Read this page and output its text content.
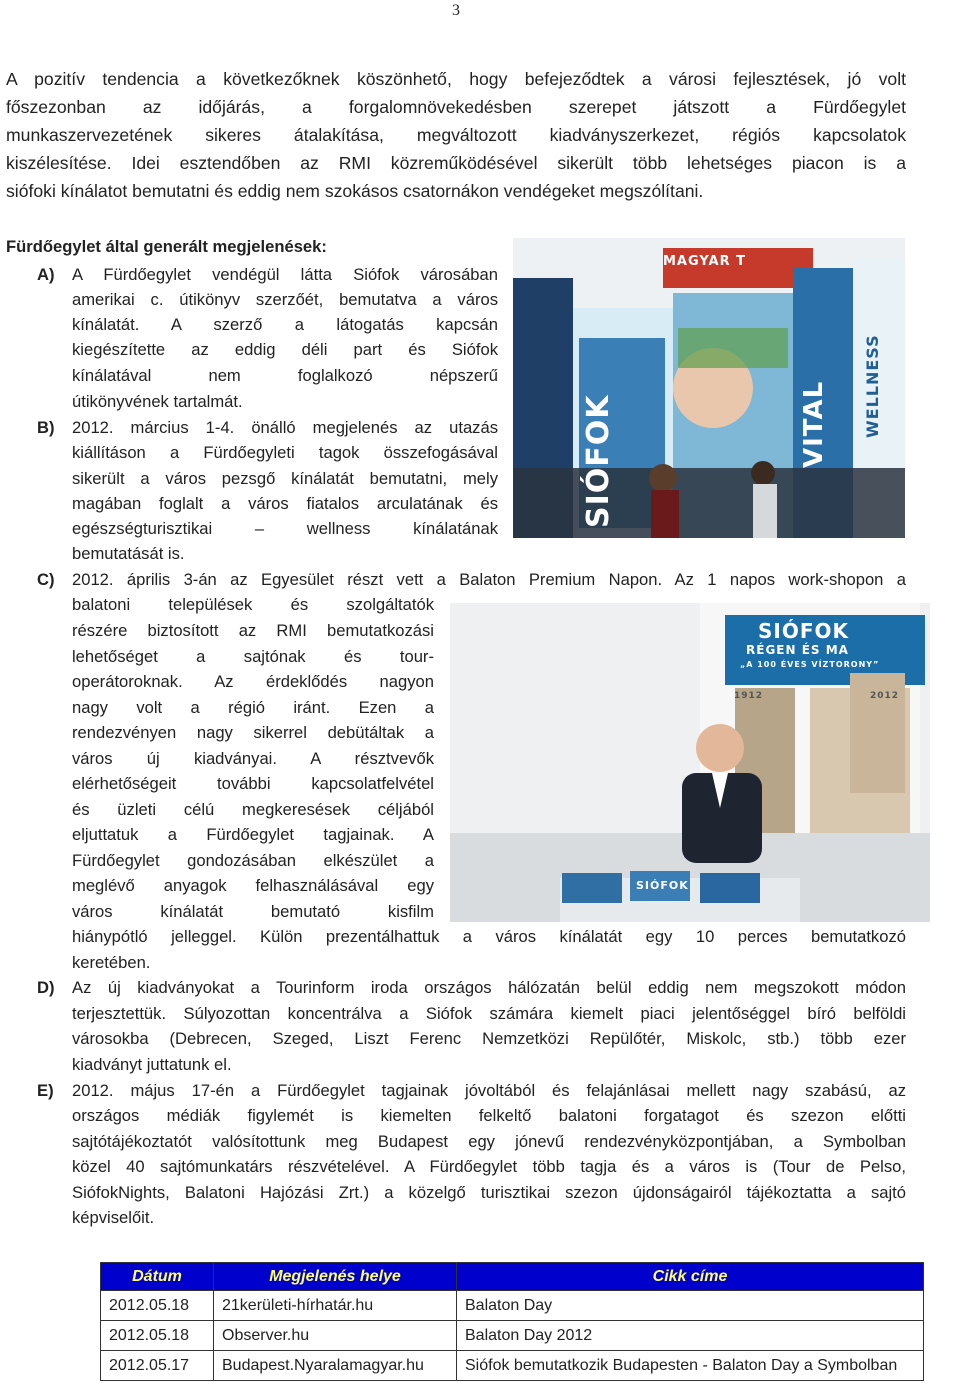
3

A pozitív tendencia a következőknek köszönhető, hogy befejeződtek a városi fejlesztések, jó volt

főszezonban az időjárás, a forgalomnövekedésben szerepet játszott a Fürdőegylet

munkaszervezetének sikeres átalakítása, megváltozott kiadványszerkezet, régiós kapcsolatok

kiszélesítése. Idei esztendőben az RMI közreműködésével sikerült több lehetséges piacon is a

siófoki kínálatot bemutatni és eddig nem szokásos csatornákon vendégeket megszólítani.

Fürdőegylet által generált megjelenések:
A) A Fürdőegylet vendégül látta Siófok városában

amerikai c. útikönyv szerzőét, bemutatva a város

kínálatát. A szerző a látogatás kapcsán

kiegészítette az eddig déli part és Siófok

kínálatával nem foglalkozó népszerű

útikönyvének tartalmát.

B) 2012. március 1-4. önálló megjelenés az utazás

kiállításon a Fürdőegyleti tagok összefogásával

sikerült a város pezsgő kínálatát bemutatni, mely

magában foglalt a város fiatalos arculatának és

egészségturisztikai – wellness kínálatának

bemutatását is.

C) 2012. április 3-án az Egyesület részt vett a Balaton Premium Napon. Az 1 napos work-shopon a

balatoni települések és szolgáltatók

részére biztosított az RMI bemutatkozási

lehetőséget a sajtónak és tour-

operátoroknak. Az érdeklődés nagyon

nagy volt a régió iránt. Ezen a

rendezvényen nagy sikerrel debütáltak a

város új kiadványai. A résztvevők

elérhetőségeit további kapcsolatfelvétel

és üzleti célú megkeresések céljából

eljuttatuk a Fürdőegylet tagjainak. A

Fürdőegylet gondozásában elkészület a

meglévő anyagok felhasználásával egy

város kínálatát bemutató kisfilm

hiánypótló jelleggel. Külön prezentálhattuk a város kínálatát egy 10 perces bemutatkozó

keretében.

D) Az új kiadványokat a Tourinform iroda országos hálózatán belül eddig nem megszokott módon

terjesztettük. Súlyozottan koncentrálva a Siófok számára kiemelt piaci jelentőséggel bíró belföldi

városokba (Debrecen, Szeged, Liszt Ferenc Nemzetközi Repülőtér, Miskolc, stb.) több ezer

kiadványt juttatunk el.

E) 2012. május 17-én a Fürdőegylet tagjainak jóvoltából és felajánlásai mellett nagy szabású, az

országos médiák figylemét is kiemelten felkeltő balatoni forgatagot és szezon előtti

sajtótájékoztatót valósítottunk meg Budapest egy jónevű rendezvényközpontjában, a Symbolban

közel 40 sajtómunkatárs részvételével. A Fürdőegylet több tagja és a város is (Tour de Pelso,

SiófokNights, Balatoni Hajózási Zrt.) a közelgő turisztikai szezon újdonságairól tájékoztatta a sajtó

képviselőit.

MAGYAR T
SIÓFOK	VITAL WELLNESS
SIÓFOK
RÉGEN ÉS MA
„A 100 ÉVES VÍZTORONY”
1912	2012
SIÓFOK
Dátum	Megjelenés helye	Cikk címe
2012.05.18	21kerületi-hírhatár.hu	Balaton Day
2012.05.18	Observer.hu	Balaton Day 2012
2012.05.17	Budapest.Nyaralamagyar.hu	Siófok bemutatkozik Budapesten - Balaton Day a Symbolban
